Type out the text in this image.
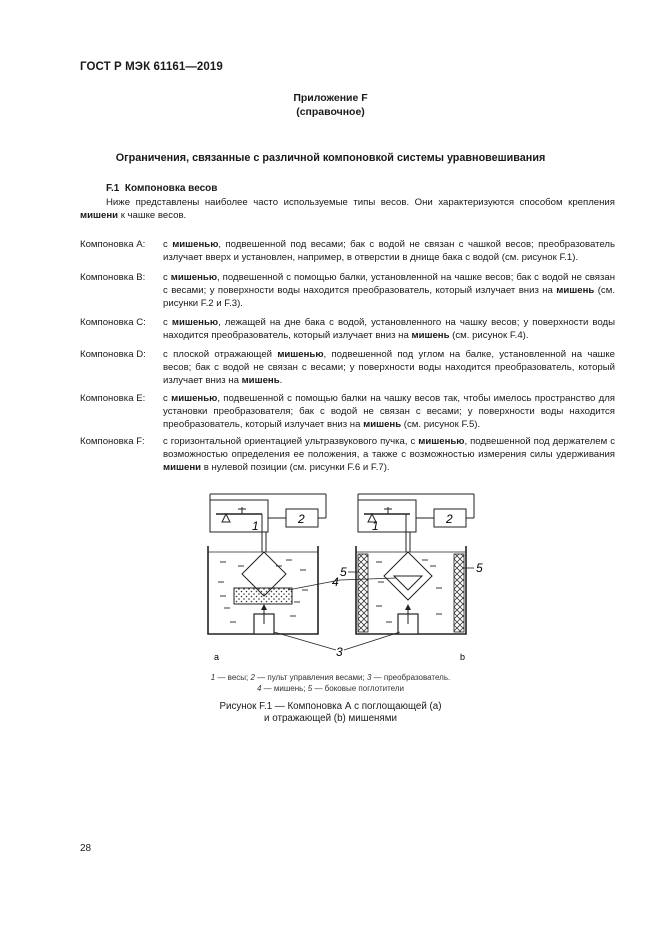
ГОСТ Р МЭК 61161—2019
Приложение F
(справочное)
Ограничения, связанные с различной компоновкой системы уравновешивания
F.1 Компоновка весов
Ниже представлены наиболее часто используемые типы весов. Они характеризуются способом крепления мишени к чашке весов.
Компоновка А: с мишенью, подвешенной под весами; бак с водой не связан с чашкой весов; преобразователь излучает вверх и установлен, например, в отверстии в днище бака с водой (см. рисунок F.1).
Компоновка В: с мишенью, подвешенной с помощью балки, установленной на чашке весов; бак с водой не связан с весами; у поверхности воды находится преобразователь, который излучает вниз на мишень (см. рисунки F.2 и F.3).
Компоновка С: с мишенью, лежащей на дне бака с водой, установленного на чашку весов; у поверхности воды находится преобразователь, который излучает вниз на мишень (см. рисунок F.4).
Компоновка D: с плоской отражающей мишенью, подвешенной под углом на балке, установленной на чашке весов; бак с водой не связан с весами; у поверхности воды находится преобразователь, который излучает вниз на мишень.
Компоновка Е: с мишенью, подвешенной с помощью балки на чашку весов так, чтобы имелось пространство для установки преобразователя; бак с водой не связан с весами; у поверхности воды находится преобразователь, который излучает вниз на мишень (см. рисунок F.5).
Компоновка F: с горизонтальной ориентацией ультразвукового пучка, с мишенью, подвешенной под держателем с возможностью определения ее положения, а также с возможностью измерения силы удерживания мишени в нулевой позиции (см. рисунки F.6 и F.7).
а
1	2
b
1	2
4
3
5	5
1 — весы; 2 — пульт управления весами; 3 — преобразователь.
4 — мишень; 5 — боковые поглотители
Рисунок F.1 — Компоновка А с поглощающей (а)
и отражающей (b) мишенями
28
